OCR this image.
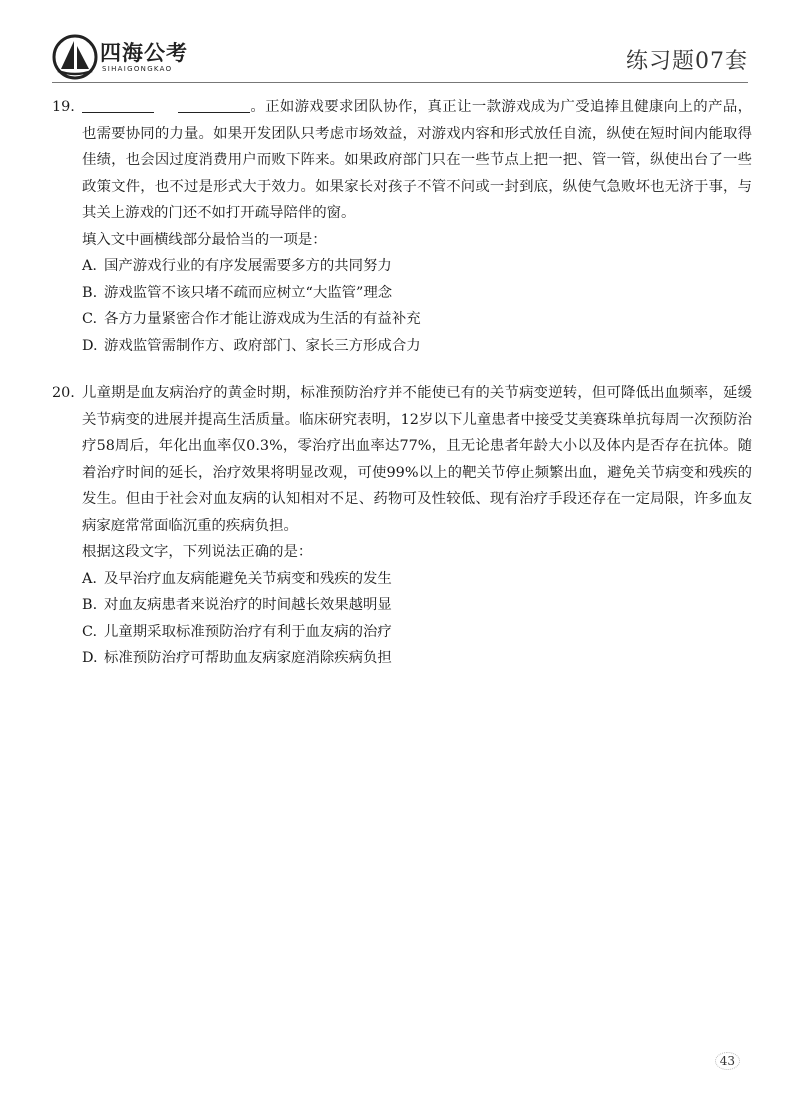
四海公考
SIHAIGONGKAO	练习题07套
19.	。正如游戏要求团队协作，真正让一款游戏成为广受追捧且健康向上的产品，也需要协同的力量。如果开发团队只考虑市场效益，对游戏内容和形式放任自流，纵使在短时间内能取得佳绩，也会因过度消费用户而败下阵来。如果政府部门只在一些节点上把一把、管一管，纵使出台了一些政策文件，也不过是形式大于效力。如果家长对孩子不管不问或一封到底，纵使气急败坏也无济于事，与其关上游戏的门还不如打开疏导陪伴的窗。
填入文中画横线部分最恰当的一项是：
A. 国产游戏行业的有序发展需要多方的共同努力
B. 游戏监管不该只堵不疏而应树立“大监管”理念
C. 各方力量紧密合作才能让游戏成为生活的有益补充
D. 游戏监管需制作方、政府部门、家长三方形成合力
20. 儿童期是血友病治疗的黄金时期，标准预防治疗并不能使已有的关节病变逆转，但可降低出血频率，延缓关节病变的进展并提高生活质量。临床研究表明，12岁以下儿童患者中接受艾美赛珠单抗每周一次预防治疗58周后，年化出血率仅0.3%，零治疗出血率达77%，且无论患者年龄大小以及体内是否存在抗体。随着治疗时间的延长，治疗效果将明显改观，可使99%以上的靶关节停止频繁出血，避免关节病变和残疾的发生。但由于社会对血友病的认知相对不足、药物可及性较低、现有治疗手段还存在一定局限，许多血友病家庭常常面临沉重的疾病负担。
根据这段文字，下列说法正确的是：
A. 及早治疗血友病能避免关节病变和残疾的发生
B. 对血友病患者来说治疗的时间越长效果越明显
C. 儿童期采取标准预防治疗有利于血友病的治疗
D. 标准预防治疗可帮助血友病家庭消除疾病负担
43
